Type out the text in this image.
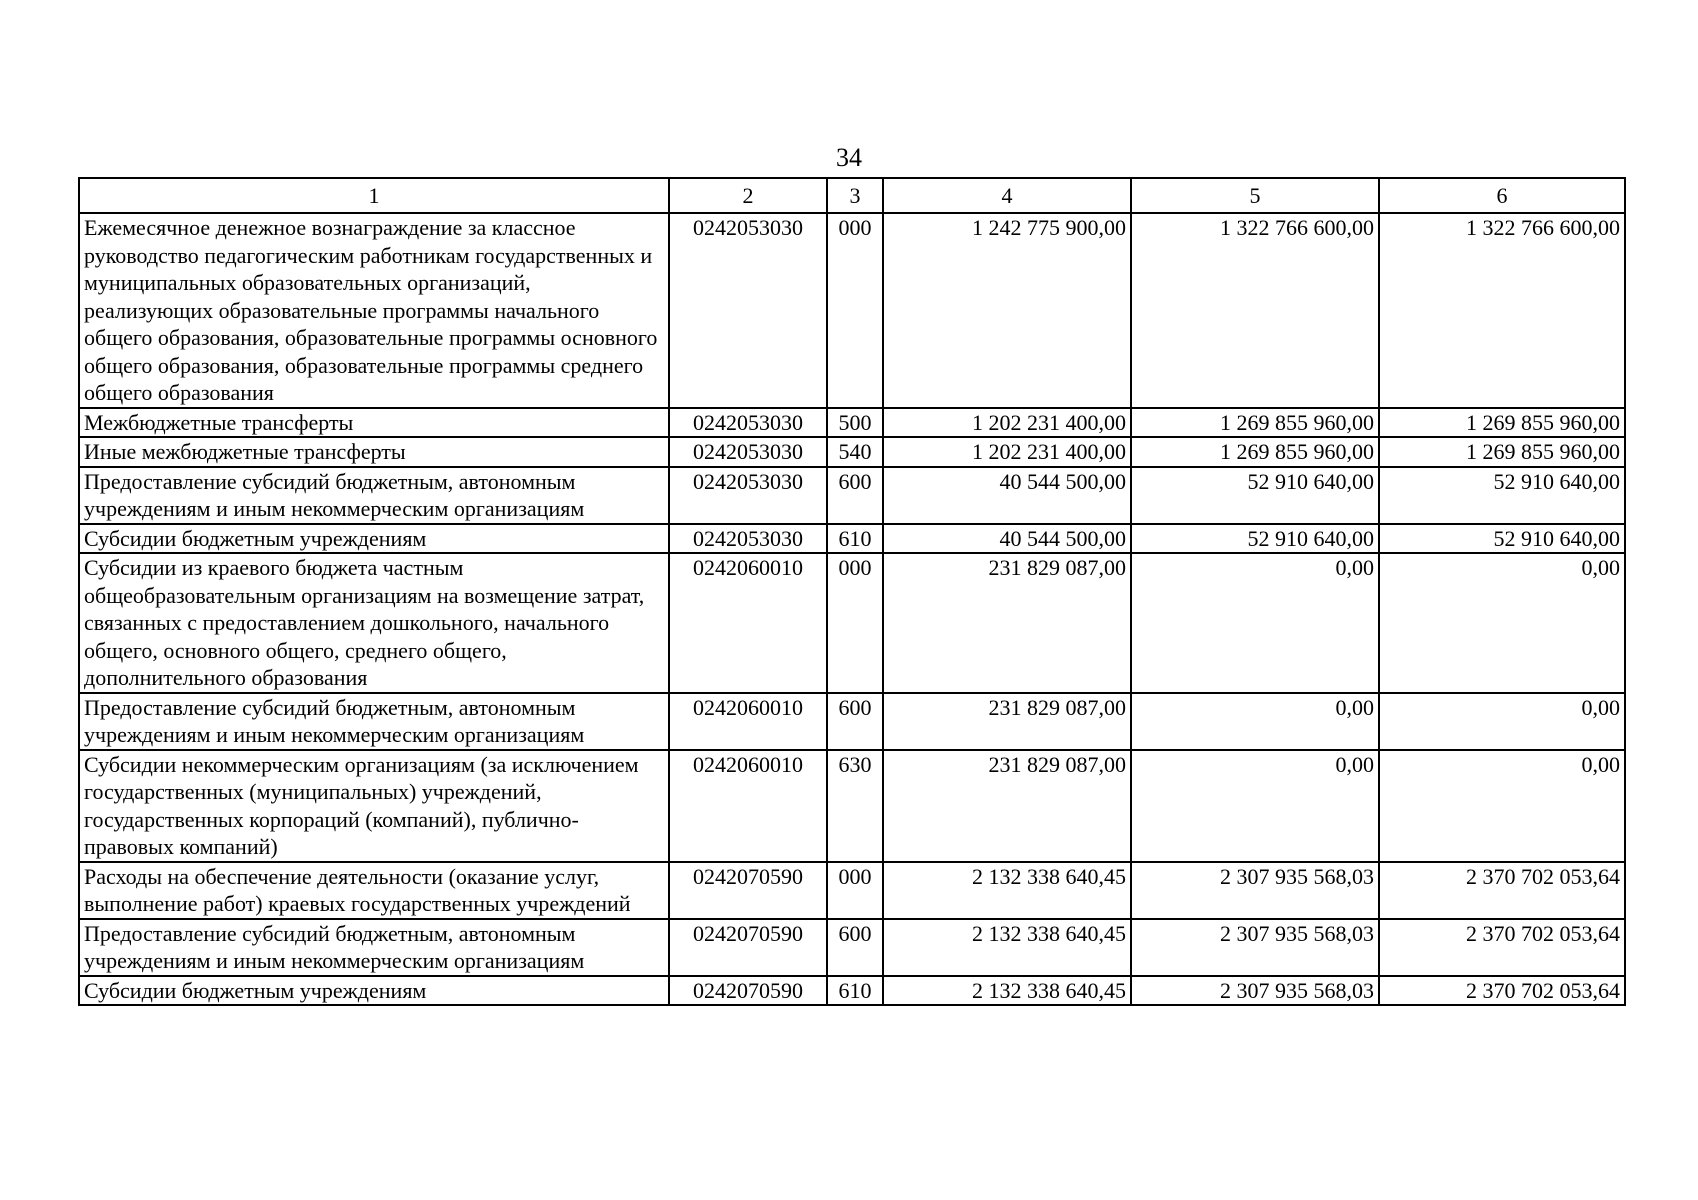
34
1	2	3	4	5	6
Ежемесячное денежное вознаграждение за классное руководство педагогическим работникам государственных и муниципальных образовательных организаций, реализующих образовательные программы начального общего образования, образовательные программы основного общего образования, образовательные программы среднего общего образования	0242053030	000	1 242 775 900,00	1 322 766 600,00	1 322 766 600,00
Межбюджетные трансферты	0242053030	500	1 202 231 400,00	1 269 855 960,00	1 269 855 960,00
Иные межбюджетные трансферты	0242053030	540	1 202 231 400,00	1 269 855 960,00	1 269 855 960,00
Предоставление субсидий бюджетным, автономным учреждениям и иным некоммерческим организациям	0242053030	600	40 544 500,00	52 910 640,00	52 910 640,00
Субсидии бюджетным учреждениям	0242053030	610	40 544 500,00	52 910 640,00	52 910 640,00
Субсидии из краевого бюджета частным общеобразовательным организациям на возмещение затрат, связанных с предоставлением дошкольного, начального общего, основного общего, среднего общего, дополнительного образования	0242060010	000	231 829 087,00	0,00	0,00
Предоставление субсидий бюджетным, автономным учреждениям и иным некоммерческим организациям	0242060010	600	231 829 087,00	0,00	0,00
Субсидии некоммерческим организациям (за исключением государственных (муниципальных) учреждений, государственных корпораций (компаний), публично-правовых компаний)	0242060010	630	231 829 087,00	0,00	0,00
Расходы на обеспечение деятельности (оказание услуг, выполнение работ) краевых государственных учреждений	0242070590	000	2 132 338 640,45	2 307 935 568,03	2 370 702 053,64
Предоставление субсидий бюджетным, автономным учреждениям и иным некоммерческим организациям	0242070590	600	2 132 338 640,45	2 307 935 568,03	2 370 702 053,64
Субсидии бюджетным учреждениям	0242070590	610	2 132 338 640,45	2 307 935 568,03	2 370 702 053,64
